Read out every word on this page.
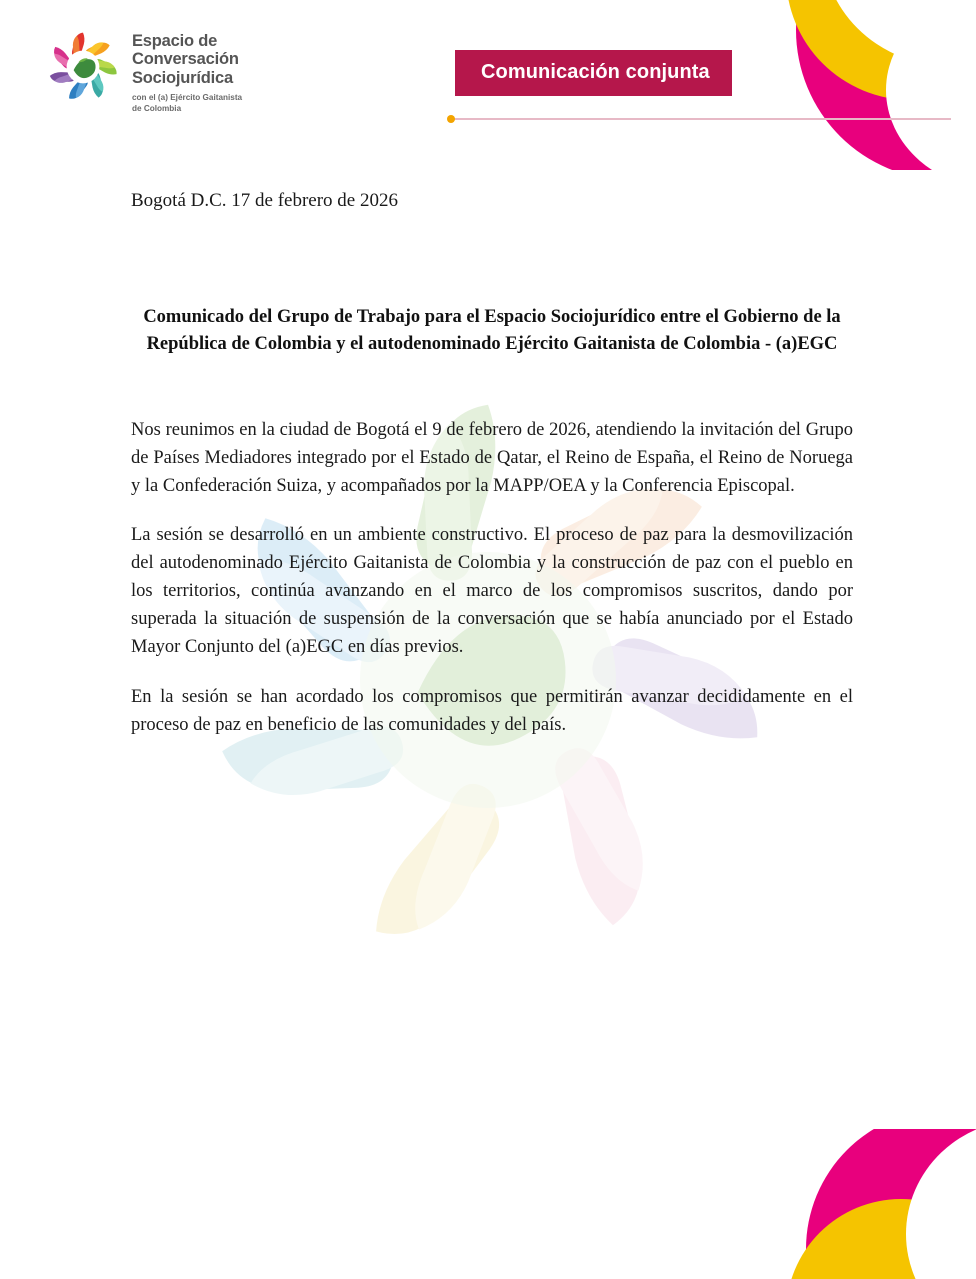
Espacio de
Conversación
Sociojurídica
con el (a) Ejército Gaitanista
de Colombia
Comunicación conjunta
Bogotá D.C. 17 de febrero de 2026
Comunicado del Grupo de Trabajo para el Espacio Sociojurídico entre el Gobierno de la República de Colombia y el autodenominado Ejército Gaitanista de Colombia - (a)EGC

Nos reunimos en la ciudad de Bogotá el 9 de febrero de 2026, atendiendo la invitación del Grupo de Países Mediadores integrado por el Estado de Qatar, el Reino de España, el Reino de Noruega y la Confederación Suiza, y acompañados por la MAPP/OEA y la Conferencia Episcopal.

La sesión se desarrolló en un ambiente constructivo. El proceso de paz para la desmovilización del autodenominado Ejército Gaitanista de Colombia y la construcción de paz con el pueblo en los territorios, continúa avanzando en el marco de los compromisos suscritos, dando por superada la situación de suspensión de la conversación que se había anunciado por el Estado Mayor Conjunto del (a)EGC en días previos.

En la sesión se han acordado los compromisos que permitirán avanzar decididamente en el proceso de paz en beneficio de las comunidades y del país.
